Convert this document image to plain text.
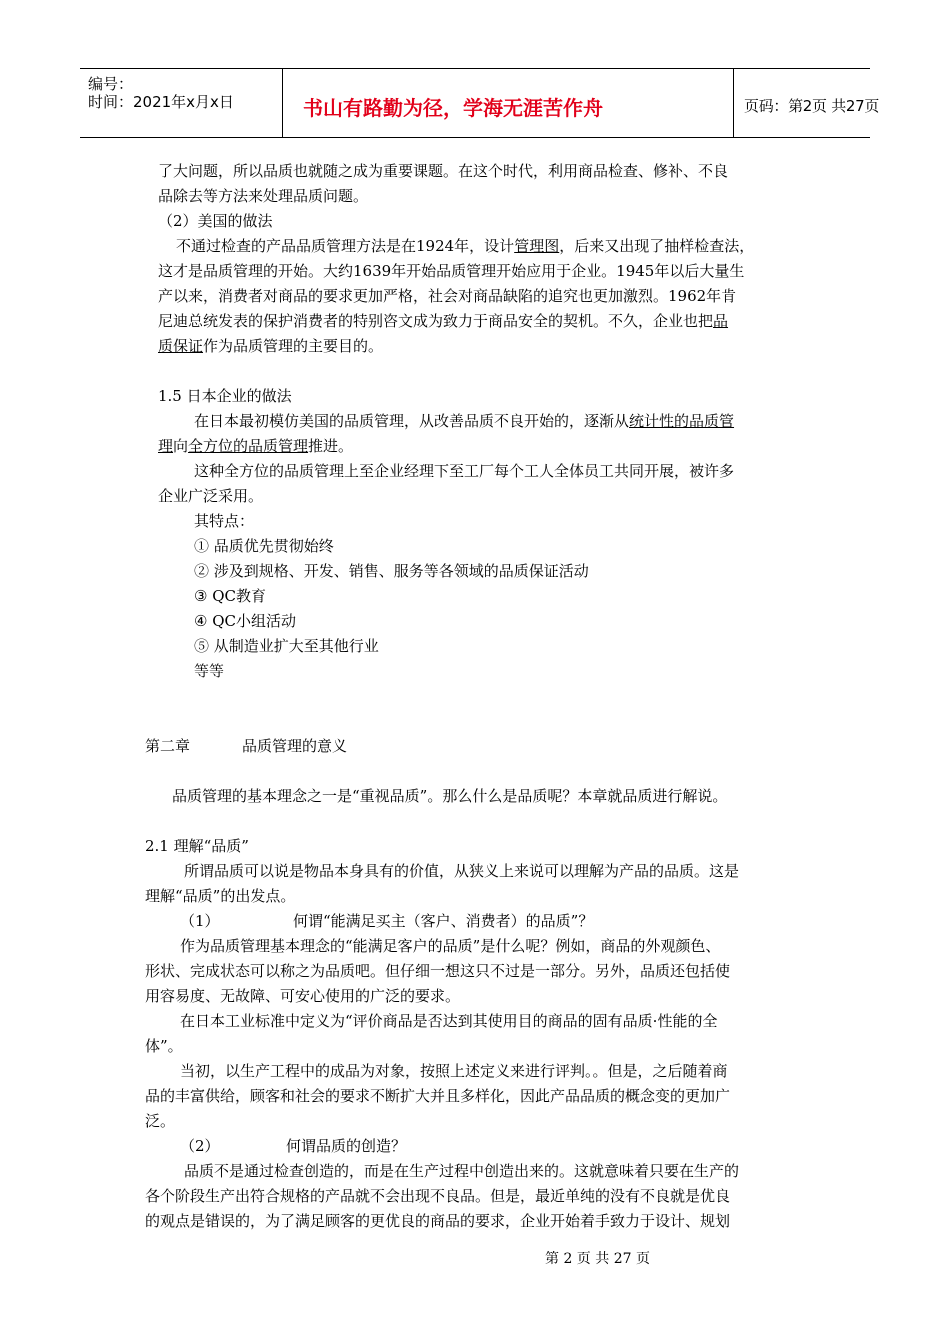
编号：
时间：2021年x月x日	书山有路勤为径，学海无涯苦作舟	页码：第2页 共27页
了大问题，所以品质也就随之成为重要课题。在这个时代，利用商品检查、修补、不良
品除去等方法来处理品质问题。
（2）美国的做法
不通过检查的产品品质管理方法是在1924年，设计管理图，后来又出现了抽样检查法，
这才是品质管理的开始。大约1639年开始品质管理开始应用于企业。1945年以后大量生
产以来，消费者对商品的要求更加严格，社会对商品缺陷的追究也更加激烈。1962年肯
尼迪总统发表的保护消费者的特别咨文成为致力于商品安全的契机。不久，企业也把品
质保证作为品质管理的主要目的。
1.5 日本企业的做法
在日本最初模仿美国的品质管理，从改善品质不良开始的，逐渐从统计性的品质管
理向全方位的品质管理推进。
这种全方位的品质管理上至企业经理下至工厂每个工人全体员工共同开展，被许多
企业广泛采用。
其特点：
① 品质优先贯彻始终
② 涉及到规格、开发、销售、服务等各领域的品质保证活动
③ QC教育
④ QC小组活动
⑤ 从制造业扩大至其他行业
等等
第二章	品质管理的意义
品质管理的基本理念之一是“重视品质”。那么什么是品质呢？本章就品质进行解说。
2.1 理解“品质”
所谓品质可以说是物品本身具有的价值，从狭义上来说可以理解为产品的品质。这是
理解“品质”的出发点。
（1）	何谓“能满足买主（客户、消费者）的品质”？
作为品质管理基本理念的“能满足客户的品质”是什么呢？例如，商品的外观颜色、
形状、完成状态可以称之为品质吧。但仔细一想这只不过是一部分。另外，品质还包括使
用容易度、无故障、可安心使用的广泛的要求。
在日本工业标准中定义为“评价商品是否达到其使用目的商品的固有品质·性能的全
体”。
当初，以生产工程中的成品为对象，按照上述定义来进行评判。。但是，之后随着商
品的丰富供给，顾客和社会的要求不断扩大并且多样化，因此产品品质的概念变的更加广
泛。
（2）	何谓品质的创造？
品质不是通过检查创造的，而是在生产过程中创造出来的。这就意味着只要在生产的
各个阶段生产出符合规格的产品就不会出现不良品。但是，最近单纯的没有不良就是优良
的观点是错误的，为了满足顾客的更优良的商品的要求，企业开始着手致力于设计、规划
第 2 页 共 27 页
